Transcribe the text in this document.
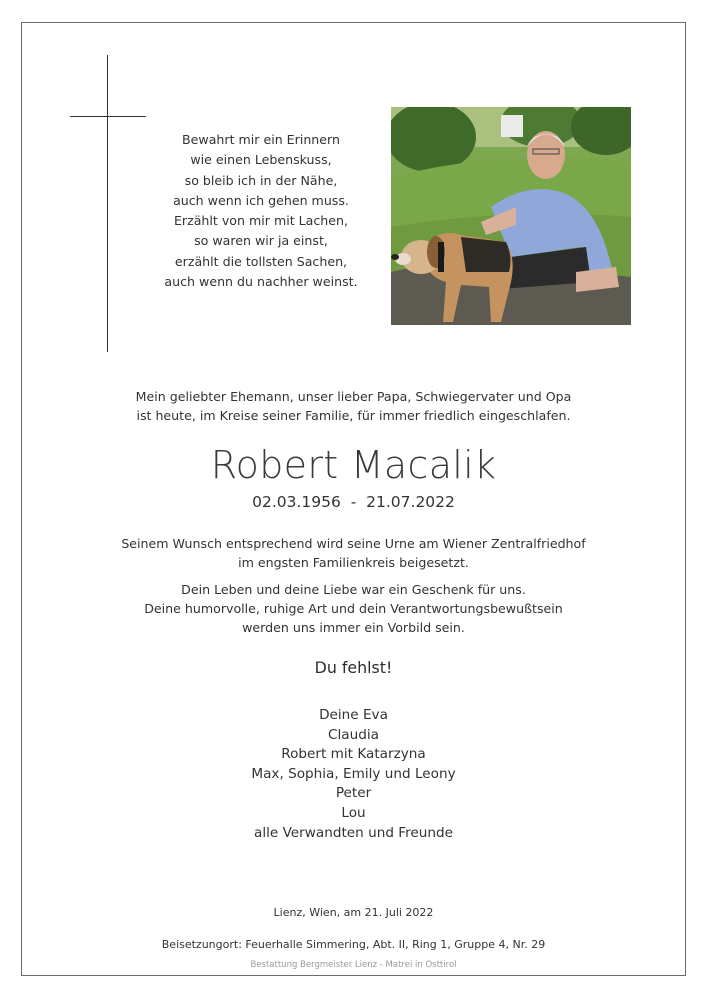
Bewahrt mir ein Erinnern
wie einen Lebenskuss,
so bleib ich in der Nähe,
auch wenn ich gehen muss.
Erzählt von mir mit Lachen,
so waren wir ja einst,
erzählt die tollsten Sachen,
auch wenn du nachher weinst.
Mein geliebter Ehemann, unser lieber Papa, Schwiegervater und Opa
ist heute, im Kreise seiner Familie, für immer friedlich eingeschlafen.
Robert Macalik
02.03.1956  -  21.07.2022
Seinem Wunsch entsprechend wird seine Urne am Wiener Zentralfriedhof
im engsten Familienkreis beigesetzt.
Dein Leben und deine Liebe war ein Geschenk für uns.
Deine humorvolle, ruhige Art und dein Verantwortungsbewußtsein
werden uns immer ein Vorbild sein.
Du fehlst!
Deine Eva
Claudia
Robert mit Katarzyna
Max, Sophia, Emily und Leony
Peter
Lou
alle Verwandten und Freunde
Lienz, Wien, am 21. Juli 2022
Beisetzungort: Feuerhalle Simmering, Abt. II, Ring 1, Gruppe 4, Nr. 29
Bestattung Bergmeister Lienz - Matrei in Osttirol
